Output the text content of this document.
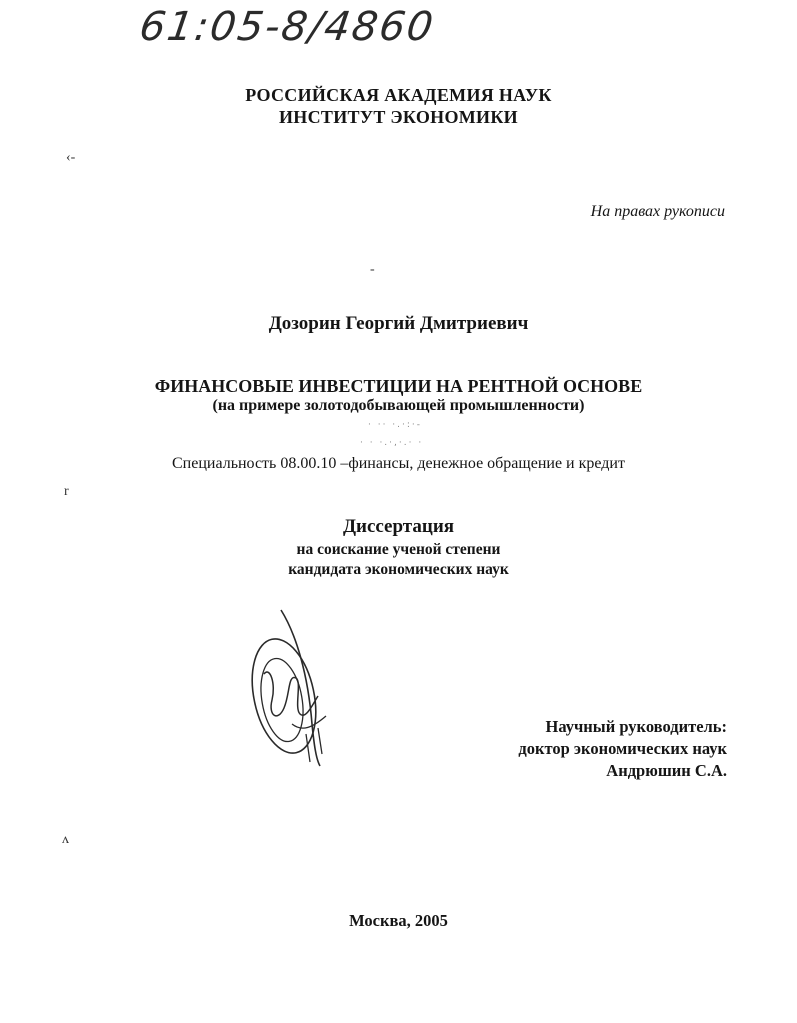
61:05-8/4860
РОССИЙСКАЯ АКАДЕМИЯ НАУК
ИНСТИТУТ ЭКОНОМИКИ
‹-
-
r
ʌ
На правах рукописи
Дозорин Георгий Дмитриевич
ФИНАНСОВЫЕ ИНВЕСТИЦИИ НА РЕНТНОЙ ОСНОВЕ
(на примере золотодобывающей промышленности)
· ·· ·.·:·-
· · ·.·,·.· ·
Специальность 08.00.10 –финансы, денежное обращение и кредит
Диссертация
на соискание ученой степени
кандидата экономических наук
Научный руководитель:
доктор экономических наук
Андрюшин С.А.
Москва, 2005
